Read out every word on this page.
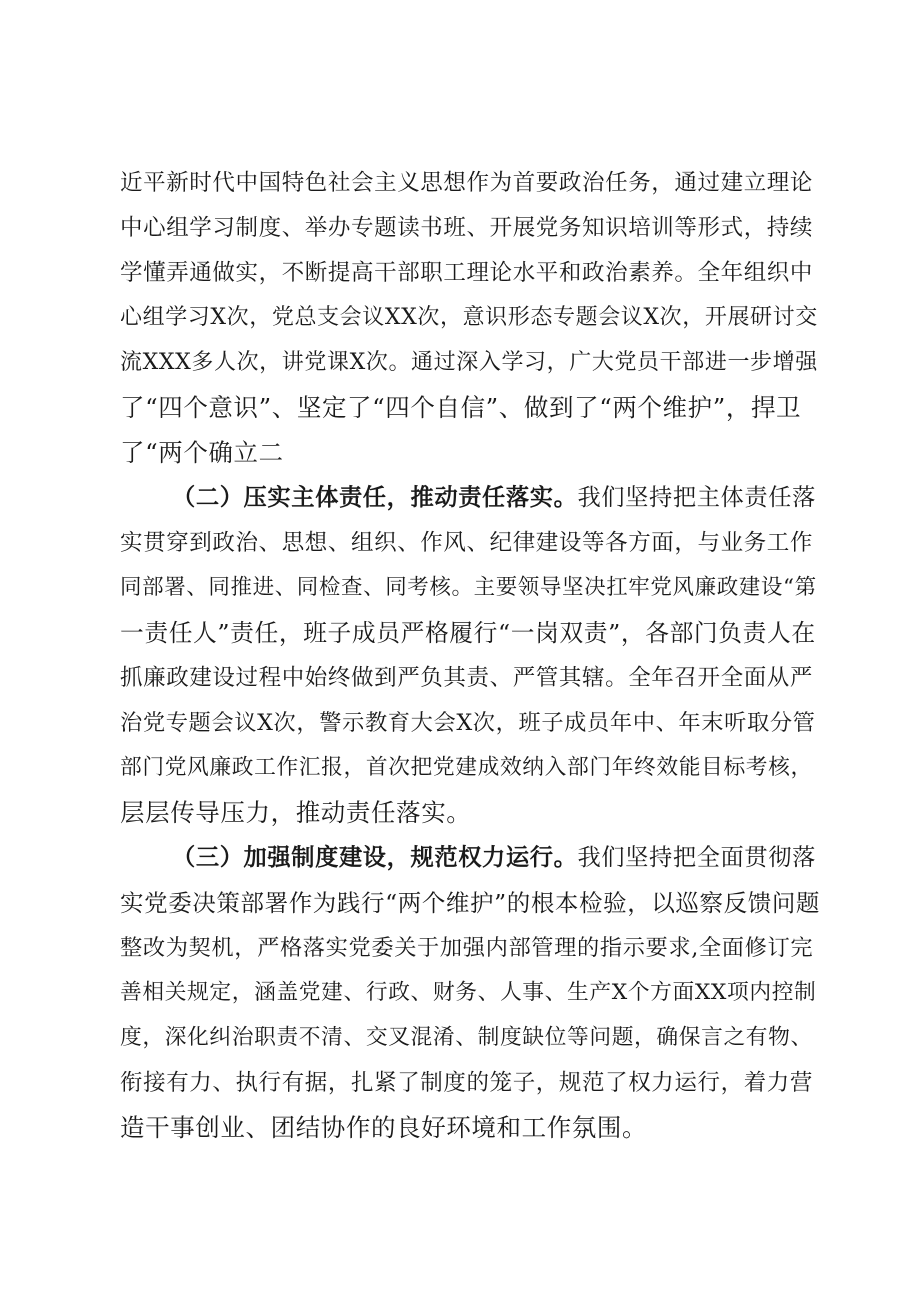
近平新时代中国特色社会主义思想作为首要政治任务，通过建立理论
中心组学习制度、举办专题读书班、开展党务知识培训等形式，持续
学懂弄通做实，不断提高干部职工理论水平和政治素养。全年组织中
心组学习X次，党总支会议XX次，意识形态专题会议X次，开展研讨交
流XXX多人次，讲党课X次。通过深入学习，广大党员干部进一步增强
了“四个意识”、坚定了“四个自信”、做到了“两个维护”，捍卫
了“两个确立二
（二）压实主体责任，推动责任落实。我们坚持把主体责任落
实贯穿到政治、思想、组织、作风、纪律建设等各方面，与业务工作
同部署、同推进、同检查、同考核。主要领导坚决扛牢党风廉政建设“第
一责任人”责任，班子成员严格履行“一岗双责”，各部门负责人在
抓廉政建设过程中始终做到严负其责、严管其辖。全年召开全面从严
治党专题会议X次，警示教育大会X次，班子成员年中、年末听取分管
部门党风廉政工作汇报，首次把党建成效纳入部门年终效能目标考核，
层层传导压力，推动责任落实。
（三）加强制度建设，规范权力运行。我们坚持把全面贯彻落
实党委决策部署作为践行“两个维护”的根本检验，以巡察反馈问题
整改为契机，严格落实党委关于加强内部管理的指示要求,全面修订完
善相关规定，涵盖党建、行政、财务、人事、生产X个方面XX项内控制
度，深化纠治职责不清、交叉混淆、制度缺位等问题，确保言之有物、
衔接有力、执行有据，扎紧了制度的笼子，规范了权力运行，着力营
造干事创业、团结协作的良好环境和工作氛围。
